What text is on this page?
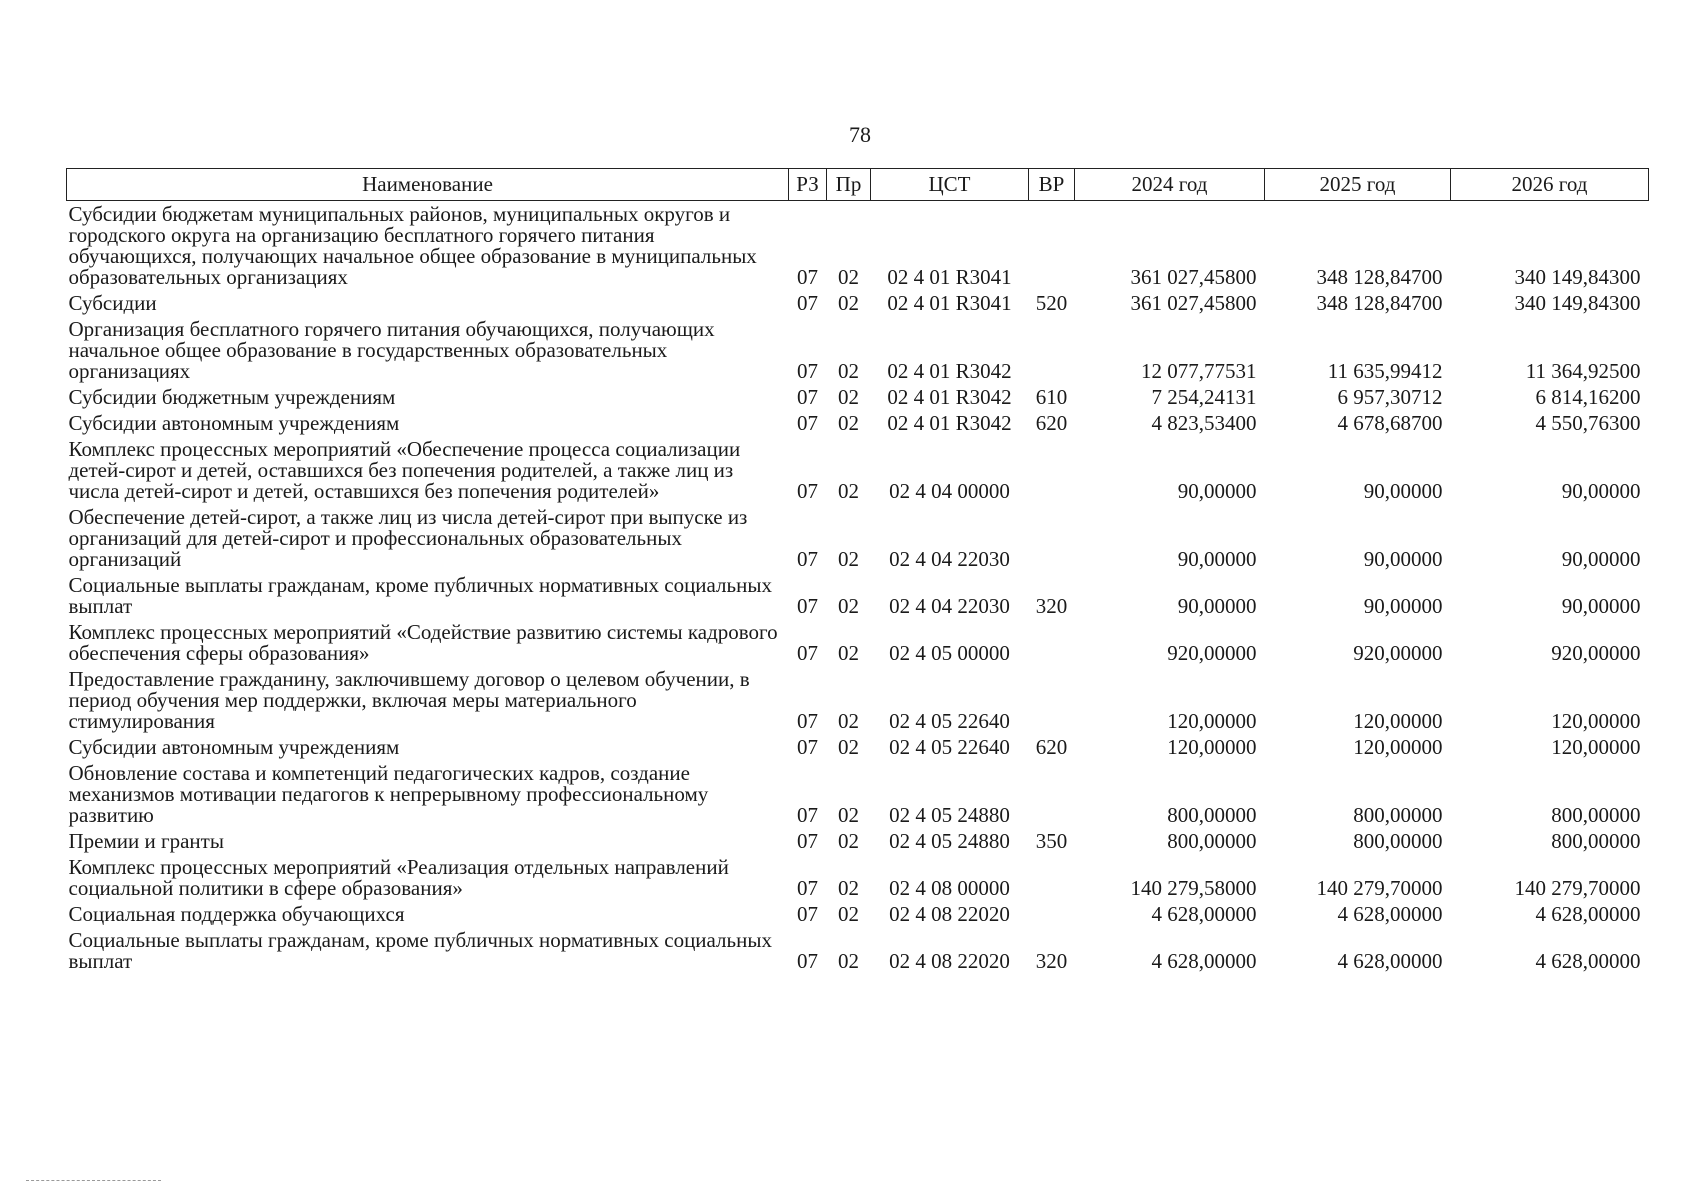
78
Наименование	РЗ	Пр	ЦСТ	ВР	2024 год	2025 год	2026 год
Субсидии бюджетам муниципальных районов, муниципальных округов и городского округа на организацию бесплатного горячего питания обучающихся, получающих начальное общее образование в муниципальных образовательных организациях	07	02	02 4 01 R3041		361 027,45800	348 128,84700	340 149,84300
Субсидии	07	02	02 4 01 R3041	520	361 027,45800	348 128,84700	340 149,84300
Организация бесплатного горячего питания обучающихся, получающих начальное общее образование в государственных образовательных организациях	07	02	02 4 01 R3042		12 077,77531	11 635,99412	11 364,92500
Субсидии бюджетным учреждениям	07	02	02 4 01 R3042	610	7 254,24131	6 957,30712	6 814,16200
Субсидии автономным учреждениям	07	02	02 4 01 R3042	620	4 823,53400	4 678,68700	4 550,76300
Комплекс процессных мероприятий «Обеспечение процесса социализации детей-сирот и детей, оставшихся без попечения родителей, а также лиц из числа детей-сирот и детей, оставшихся без попечения родителей»	07	02	02 4 04 00000		90,00000	90,00000	90,00000
Обеспечение детей-сирот, а также лиц из числа детей-сирот при выпуске из организаций для детей-сирот и профессиональных образовательных организаций	07	02	02 4 04 22030		90,00000	90,00000	90,00000
Социальные выплаты гражданам, кроме публичных нормативных социальных выплат	07	02	02 4 04 22030	320	90,00000	90,00000	90,00000
Комплекс процессных мероприятий «Содействие развитию системы кадрового обеспечения сферы образования»	07	02	02 4 05 00000		920,00000	920,00000	920,00000
Предоставление гражданину, заключившему договор о целевом обучении, в период обучения мер поддержки, включая меры материального стимулирования	07	02	02 4 05 22640		120,00000	120,00000	120,00000
Субсидии автономным учреждениям	07	02	02 4 05 22640	620	120,00000	120,00000	120,00000
Обновление состава и компетенций педагогических кадров, создание механизмов мотивации педагогов к непрерывному профессиональному развитию	07	02	02 4 05 24880		800,00000	800,00000	800,00000
Премии и гранты	07	02	02 4 05 24880	350	800,00000	800,00000	800,00000
Комплекс процессных мероприятий «Реализация отдельных направлений социальной политики в сфере образования»	07	02	02 4 08 00000		140 279,58000	140 279,70000	140 279,70000
Социальная поддержка обучающихся	07	02	02 4 08 22020		4 628,00000	4 628,00000	4 628,00000
Социальные выплаты гражданам, кроме публичных нормативных социальных выплат	07	02	02 4 08 22020	320	4 628,00000	4 628,00000	4 628,00000
